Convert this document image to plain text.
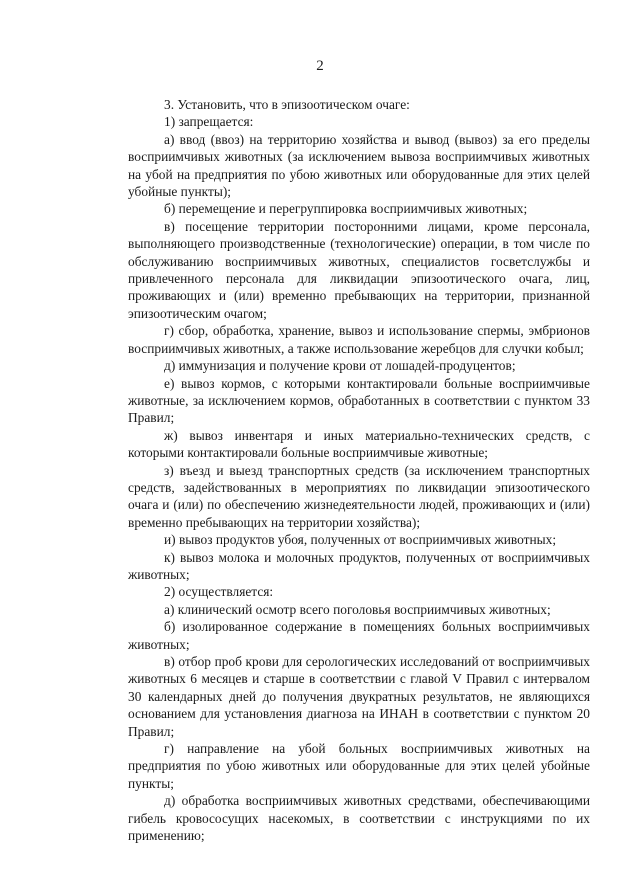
2

3. Установить, что в эпизоотическом очаге:

1) запрещается:

а) ввод (ввоз) на территорию хозяйства и вывод (вывоз) за его пределы восприимчивых животных (за исключением вывоза восприимчивых животных на убой на предприятия по убою животных или оборудованные для этих целей убойные пункты);

б) перемещение и перегруппировка восприимчивых животных;

в) посещение территории посторонними лицами, кроме персонала, выполняющего производственные (технологические) операции, в том числе по обслуживанию восприимчивых животных, специалистов госветслужбы и привлеченного персонала для ликвидации эпизоотического очага, лиц, проживающих и (или) временно пребывающих на территории, признанной эпизоотическим очагом;

г) сбор, обработка, хранение, вывоз и использование спермы, эмбрионов восприимчивых животных, а также использование жеребцов для случки кобыл;

д) иммунизация и получение крови от лошадей-продуцентов;

е) вывоз кормов, с которыми контактировали больные восприимчивые животные, за исключением кормов, обработанных в соответствии с пунктом 33 Правил;

ж) вывоз инвентаря и иных материально-технических средств, с которыми контактировали больные восприимчивые животные;

з) въезд и выезд транспортных средств (за исключением транспортных средств, задействованных в мероприятиях по ликвидации эпизоотического очага и (или) по обеспечению жизнедеятельности людей, проживающих и (или) временно пребывающих на территории хозяйства);

и) вывоз продуктов убоя, полученных от восприимчивых животных;

к) вывоз молока и молочных продуктов, полученных от восприимчивых животных;

2) осуществляется:

а) клинический осмотр всего поголовья восприимчивых животных;

б) изолированное содержание в помещениях больных восприимчивых животных;

в) отбор проб крови для серологических исследований от восприимчивых животных 6 месяцев и старше в соответствии с главой V Правил с интервалом 30 календарных дней до получения двукратных результатов, не являющихся основанием для установления диагноза на ИНАН в соответствии с пунктом 20 Правил;

г) направление на убой больных восприимчивых животных на предприятия по убою животных или оборудованные для этих целей убойные пункты;

д) обработка восприимчивых животных средствами, обеспечивающими гибель кровососущих насекомых, в соответствии с инструкциями по их применению;
